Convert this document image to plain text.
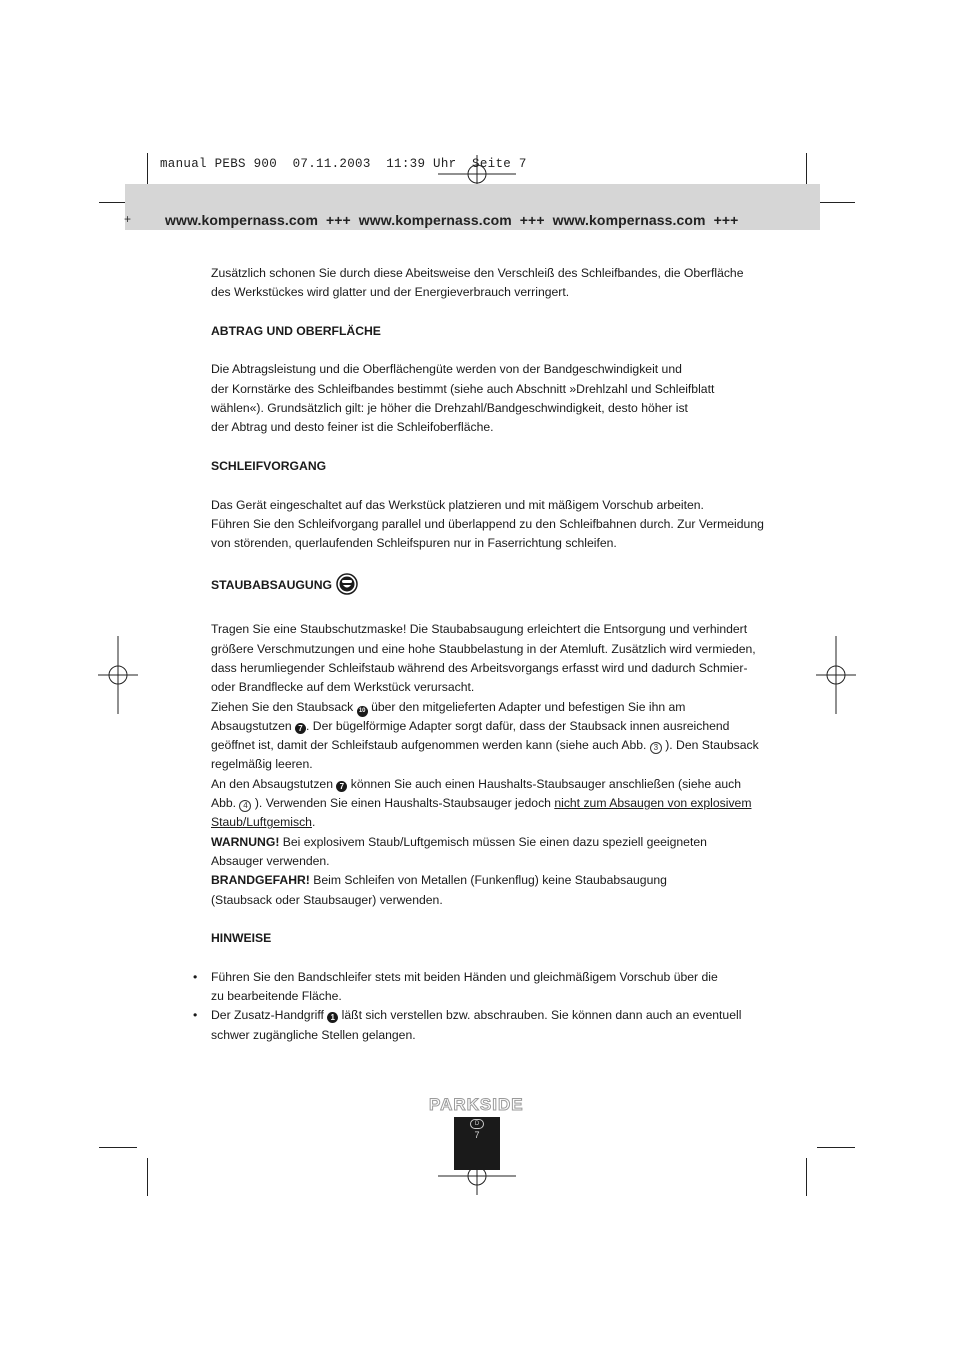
manual PEBS 900  07.11.2003  11:39 Uhr  Seite 7
+ www.kompernass.com +++ www.kompernass.com +++ www.kompernass.com +++

Zusätzlich schonen Sie durch diese Abeitsweise den Verschleiß des Schleifbandes, die Oberfläche

des Werkstückes wird glatter und der Energieverbrauch verringert.

ABTRAG UND OBERFLÄCHE

Die Abtragsleistung und die Oberflächengüte werden von der Bandgeschwindigkeit und

der Kornstärke des Schleifbandes bestimmt (siehe auch Abschnitt »Drehlzahl und Schleifblatt

wählen«). Grundsätzlich gilt: je höher die Drehzahl/Bandgeschwindigkeit, desto höher ist

der Abtrag und desto feiner ist die Schleifoberfläche.

SCHLEIFVORGANG

Das Gerät eingeschaltet auf das Werkstück platzieren und mit mäßigem Vorschub arbeiten.

Führen Sie den Schleifvorgang parallel und überlappend zu den Schleifbahnen durch. Zur Vermeidung

von störenden, querlaufenden Schleifspuren nur in Faserrichtung schleifen.

STAUBABSAUGUNG

Tragen Sie eine Staubschutzmaske! Die Staubabsaugung erleichtert die Entsorgung und verhindert

größere Verschmutzungen und eine hohe Staubbelastung in der Atemluft. Zusätzlich wird vermieden,

dass herumliegender Schleifstaub während des Arbeitsvorgangs erfasst wird und dadurch Schmier-

oder Brandflecke auf dem Werkstück verursacht.

Ziehen Sie den Staubsack 10 über den mitgelieferten Adapter und befestigen Sie ihn am

Absaugstutzen 7 . Der bügelförmige Adapter sorgt dafür, dass der Staubsack innen ausreichend

geöffnet ist, damit der Schleifstaub aufgenommen werden kann (siehe auch Abb. 3 ). Den Staubsack

regelmäßig leeren.

An den Absaugstutzen 7 können Sie auch einen Haushalts-Staubsauger anschließen (siehe auch

Abb. 4 ). Verwenden Sie einen Haushalts-Staubsauger jedoch nicht zum Absaugen von explosivem

Staub/Luftgemisch.

WARNUNG! Bei explosivem Staub/Luftgemisch müssen Sie einen dazu speziell geeigneten

Absauger verwenden.

BRANDGEFAHR! Beim Schleifen von Metallen (Funkenflug) keine Staubabsaugung

(Staubsack oder Staubsauger) verwenden.

HINWEISE

• Führen Sie den Bandschleifer stets mit beiden Händen und gleichmäßigem Vorschub über die

zu bearbeitende Fläche.

• Der Zusatz-Handgriff 1 läßt sich verstellen bzw. abschrauben. Sie können dann auch an eventuell

schwer zugängliche Stellen gelangen.

PARKSIDE
D
7
